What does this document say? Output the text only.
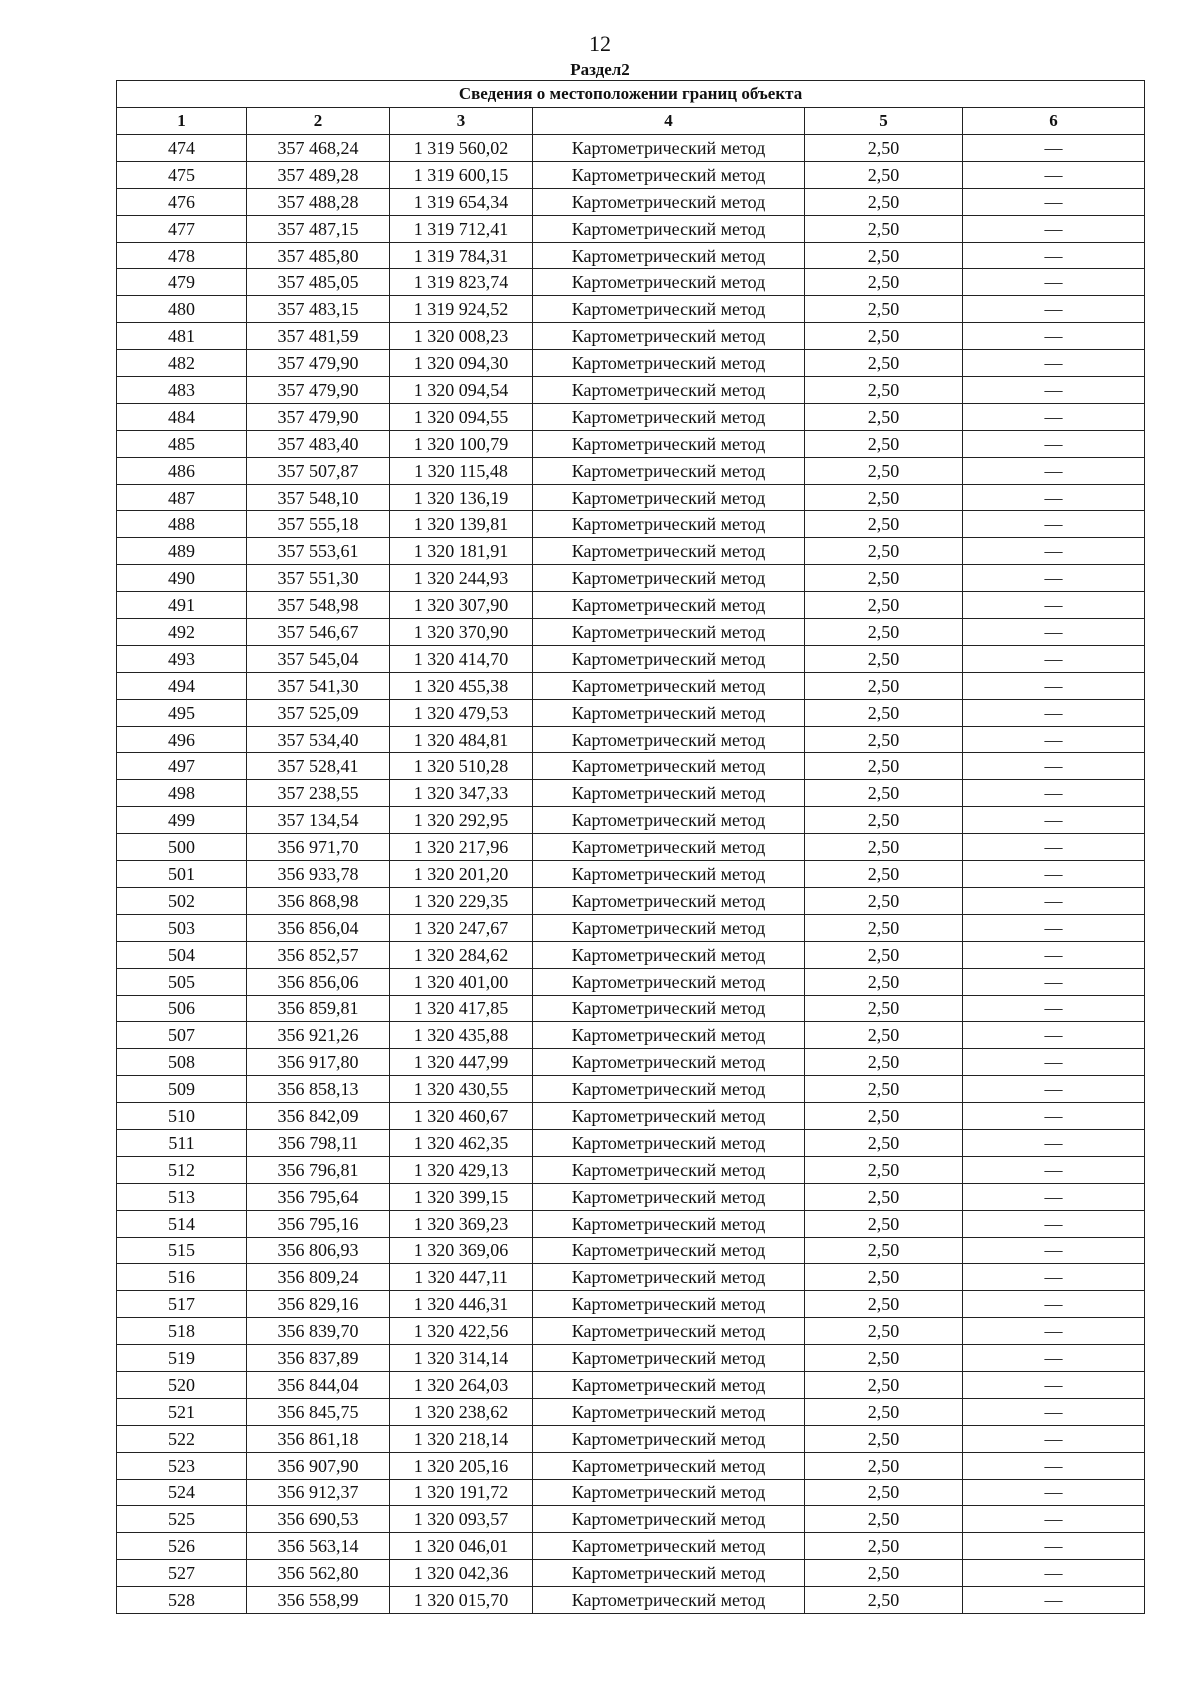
12
Раздел2
Сведения о местоположении границ объекта					
1	2	3	4	5	6
474	357 468,24	1 319 560,02	Картометрический метод	2,50	—
475	357 489,28	1 319 600,15	Картометрический метод	2,50	—
476	357 488,28	1 319 654,34	Картометрический метод	2,50	—
477	357 487,15	1 319 712,41	Картометрический метод	2,50	—
478	357 485,80	1 319 784,31	Картометрический метод	2,50	—
479	357 485,05	1 319 823,74	Картометрический метод	2,50	—
480	357 483,15	1 319 924,52	Картометрический метод	2,50	—
481	357 481,59	1 320 008,23	Картометрический метод	2,50	—
482	357 479,90	1 320 094,30	Картометрический метод	2,50	—
483	357 479,90	1 320 094,54	Картометрический метод	2,50	—
484	357 479,90	1 320 094,55	Картометрический метод	2,50	—
485	357 483,40	1 320 100,79	Картометрический метод	2,50	—
486	357 507,87	1 320 115,48	Картометрический метод	2,50	—
487	357 548,10	1 320 136,19	Картометрический метод	2,50	—
488	357 555,18	1 320 139,81	Картометрический метод	2,50	—
489	357 553,61	1 320 181,91	Картометрический метод	2,50	—
490	357 551,30	1 320 244,93	Картометрический метод	2,50	—
491	357 548,98	1 320 307,90	Картометрический метод	2,50	—
492	357 546,67	1 320 370,90	Картометрический метод	2,50	—
493	357 545,04	1 320 414,70	Картометрический метод	2,50	—
494	357 541,30	1 320 455,38	Картометрический метод	2,50	—
495	357 525,09	1 320 479,53	Картометрический метод	2,50	—
496	357 534,40	1 320 484,81	Картометрический метод	2,50	—
497	357 528,41	1 320 510,28	Картометрический метод	2,50	—
498	357 238,55	1 320 347,33	Картометрический метод	2,50	—
499	357 134,54	1 320 292,95	Картометрический метод	2,50	—
500	356 971,70	1 320 217,96	Картометрический метод	2,50	—
501	356 933,78	1 320 201,20	Картометрический метод	2,50	—
502	356 868,98	1 320 229,35	Картометрический метод	2,50	—
503	356 856,04	1 320 247,67	Картометрический метод	2,50	—
504	356 852,57	1 320 284,62	Картометрический метод	2,50	—
505	356 856,06	1 320 401,00	Картометрический метод	2,50	—
506	356 859,81	1 320 417,85	Картометрический метод	2,50	—
507	356 921,26	1 320 435,88	Картометрический метод	2,50	—
508	356 917,80	1 320 447,99	Картометрический метод	2,50	—
509	356 858,13	1 320 430,55	Картометрический метод	2,50	—
510	356 842,09	1 320 460,67	Картометрический метод	2,50	—
511	356 798,11	1 320 462,35	Картометрический метод	2,50	—
512	356 796,81	1 320 429,13	Картометрический метод	2,50	—
513	356 795,64	1 320 399,15	Картометрический метод	2,50	—
514	356 795,16	1 320 369,23	Картометрический метод	2,50	—
515	356 806,93	1 320 369,06	Картометрический метод	2,50	—
516	356 809,24	1 320 447,11	Картометрический метод	2,50	—
517	356 829,16	1 320 446,31	Картометрический метод	2,50	—
518	356 839,70	1 320 422,56	Картометрический метод	2,50	—
519	356 837,89	1 320 314,14	Картометрический метод	2,50	—
520	356 844,04	1 320 264,03	Картометрический метод	2,50	—
521	356 845,75	1 320 238,62	Картометрический метод	2,50	—
522	356 861,18	1 320 218,14	Картометрический метод	2,50	—
523	356 907,90	1 320 205,16	Картометрический метод	2,50	—
524	356 912,37	1 320 191,72	Картометрический метод	2,50	—
525	356 690,53	1 320 093,57	Картометрический метод	2,50	—
526	356 563,14	1 320 046,01	Картометрический метод	2,50	—
527	356 562,80	1 320 042,36	Картометрический метод	2,50	—
528	356 558,99	1 320 015,70	Картометрический метод	2,50	—
